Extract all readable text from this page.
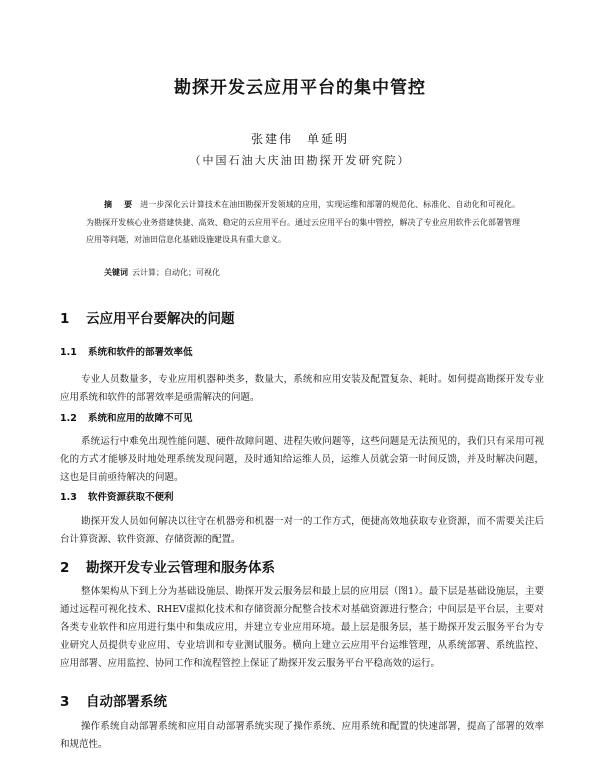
勘探开发云应用平台的集中管控
张建伟　单延明
（中国石油大庆油田勘探开发研究院）
摘　要 进一步深化云计算技术在油田勘探开发领域的应用，实现运维和部署的规范化、标准化、自动化和可视化。为勘探开发核心业务搭建快捷、高效、稳定的云应用平台。通过云应用平台的集中管控，解决了专业应用软件云化部署管理应用等问题，对油田信息化基础设施建设具有重大意义。
关键词 云计算；自动化；可视化
1 云应用平台要解决的问题
1.1 系统和软件的部署效率低
专业人员数量多，专业应用机器种类多，数量大，系统和应用安装及配置复杂、耗时。如何提高勘探开发专业应用系统和软件的部署效率是亟需解决的问题。
1.2 系统和应用的故障不可见
系统运行中难免出现性能问题、硬件故障问题、进程失败问题等，这些问题是无法预见的，我们只有采用可视化的方式才能够及时地处理系统发现问题，及时通知给运维人员，运维人员就会第一时间反馈，并及时解决问题，这也是目前亟待解决的问题。
1.3 软件资源获取不便利
勘探开发人员如何解决以往守在机器旁和机器一对一的工作方式，便捷高效地获取专业资源，而不需要关注后台计算资源、软件资源、存储资源的配置。
2 勘探开发专业云管理和服务体系
整体架构从下到上分为基础设施层、勘探开发云服务层和最上层的应用层（图1）。最下层是基础设施层，主要通过远程可视化技术、RHEV虚拟化技术和存储资源分配整合技术对基础资源进行整合；中间层是平台层，主要对各类专业软件和应用进行集中和集成应用，并建立专业应用环境。最上层是服务层，基于勘探开发云服务平台为专业研究人员提供专业应用、专业培训和专业测试服务。横向上建立云应用平台运维管理，从系统部署、系统监控、应用部署、应用监控、协同工作和流程管控上保证了勘探开发云服务平台平稳高效的运行。
3 自动部署系统
操作系统自动部署系统和应用自动部署系统实现了操作系统、应用系统和配置的快速部署，提高了部署的效率和规范性。
